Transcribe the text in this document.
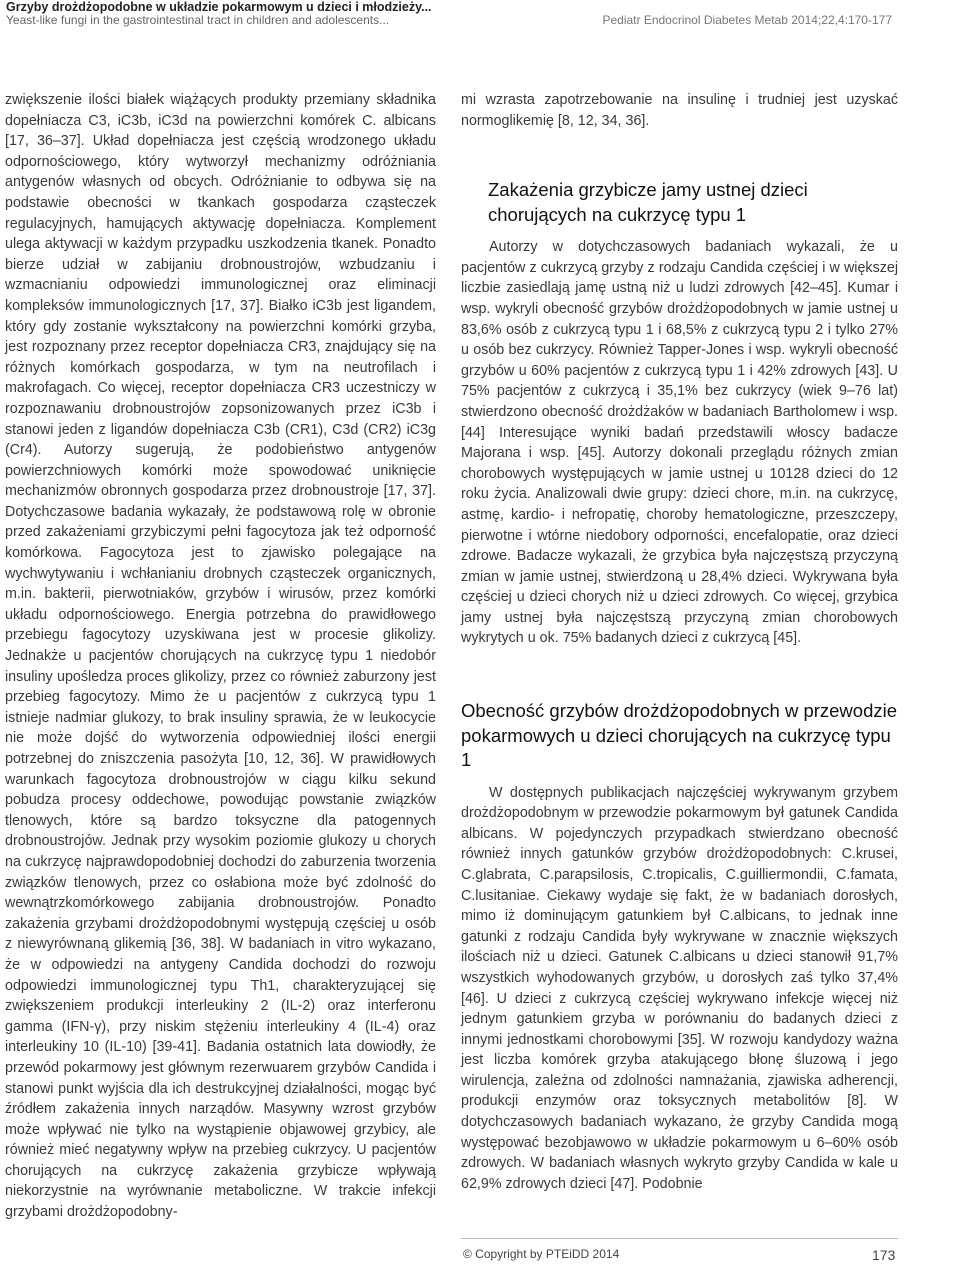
Grzyby drożdżopodobne w układzie pokarmowym u dzieci i młodzieży...
Yeast-like fungi in the gastrointestinal tract in children and adolescents...	Pediatr Endocrinol Diabetes Metab 2014;22,4:170-177

zwiększenie ilości białek wiążących produkty przemiany składnika dopełniacza C3, iC3b, iC3d na powierzchni komórek C. albicans [17, 36–37]. Układ dopełniacza jest częścią wrodzonego układu odpornościowego, który wytworzył mechanizmy odróżniania antygenów własnych od obcych. Odróżnianie to odbywa się na podstawie obecności w tkankach gospodarza cząsteczek regulacyjnych, hamujących aktywację dopełniacza. Komplement ulega aktywacji w każdym przypadku uszkodzenia tkanek. Ponadto bierze udział w zabijaniu drobnoustrojów, wzbudzaniu i wzmacnianiu odpowiedzi immunologicznej oraz eliminacji kompleksów immunologicznych [17, 37]. Białko iC3b jest ligandem, który gdy zostanie wykształcony na powierzchni komórki grzyba, jest rozpoznany przez receptor dopełniacza CR3, znajdujący się na różnych komórkach gospodarza, w tym na neutrofilach i makrofagach. Co więcej, receptor dopełniacza CR3 uczestniczy w rozpoznawaniu drobnoustrojów zopsonizowanych przez iC3b i stanowi jeden z ligandów dopełniacza C3b (CR1), C3d (CR2) iC3g (Cr4). Autorzy sugerują, że podobieństwo antygenów powierzchniowych komórki może spowodować uniknięcie mechanizmów obronnych gospodarza przez drobnoustroje [17, 37]. Dotychczasowe badania wykazały, że podstawową rolę w obronie przed zakażeniami grzybiczymi pełni fagocytoza jak też odporność komórkowa. Fagocytoza jest to zjawisko polegające na wychwytywaniu i wchłanianiu drobnych cząsteczek organicznych, m.in. bakterii, pierwotniaków, grzybów i wirusów, przez komórki układu odpornościowego. Energia potrzebna do prawidłowego przebiegu fagocytozy uzyskiwana jest w procesie glikolizy. Jednakże u pacjentów chorujących na cukrzycę typu 1 niedobór insuliny upośledza proces glikolizy, przez co również zaburzony jest przebieg fagocytozy. Mimo że u pacjentów z cukrzycą typu 1 istnieje nadmiar glukozy, to brak insuliny sprawia, że w leukocycie nie może dojść do wytworzenia odpowiedniej ilości energii potrzebnej do zniszczenia pasożyta [10, 12, 36]. W prawidłowych warunkach fagocytoza drobnoustrojów w ciągu kilku sekund pobudza procesy oddechowe, powodując powstanie związków tlenowych, które są bardzo toksyczne dla patogennych drobnoustrojów. Jednak przy wysokim poziomie glukozy u chorych na cukrzycę najprawdopodobniej dochodzi do zaburzenia tworzenia związków tlenowych, przez co osłabiona może być zdolność do wewnątrzkomórkowego zabijania drobnoustrojów. Ponadto zakażenia grzybami drożdżopodobnymi występują częściej u osób z niewyrównaną glikemią [36, 38]. W badaniach in vitro wykazano, że w odpowiedzi na antygeny Candida dochodzi do rozwoju odpowiedzi immunologicznej typu Th1, charakteryzującej się zwiększeniem produkcji interleukiny 2 (IL-2) oraz interferonu gamma (IFN-γ), przy niskim stężeniu interleukiny 4 (IL-4) oraz interleukiny 10 (IL-10) [39-41]. Badania ostatnich lata dowiodły, że przewód pokarmowy jest głównym rezerwuarem grzybów Candida i stanowi punkt wyjścia dla ich destrukcyjnej działalności, mogąc być źródłem zakażenia innych narządów. Masywny wzrost grzybów może wpływać nie tylko na wystąpienie objawowej grzybicy, ale również mieć negatywny wpływ na przebieg cukrzycy. U pacjentów chorujących na cukrzycę zakażenia grzybicze wpływają niekorzystnie na wyrównanie metaboliczne. W trakcie infekcji grzybami drożdżopodobny-

mi wzrasta zapotrzebowanie na insulinę i trudniej jest uzyskać normoglikemię [8, 12, 34, 36].

Zakażenia grzybicze jamy ustnej dzieci chorujących na cukrzycę typu 1

Autorzy w dotychczasowych badaniach wykazali, że u pacjentów z cukrzycą grzyby z rodzaju Candida częściej i w większej liczbie zasiedlają jamę ustną niż u ludzi zdrowych [42–45]. Kumar i wsp. wykryli obecność grzybów drożdżopodobnych w jamie ustnej u 83,6% osób z cukrzycą typu 1 i 68,5% z cukrzycą typu 2 i tylko 27% u osób bez cukrzycy. Również Tapper-Jones i wsp. wykryli obecność grzybów u 60% pacjentów z cukrzycą typu 1 i 42% zdrowych [43]. U 75% pacjentów z cukrzycą i 35,1% bez cukrzycy (wiek 9–76 lat) stwierdzono obecność drożdżaków w badaniach Bartholomew i wsp. [44] Interesujące wyniki badań przedstawili włoscy badacze Majorana i wsp. [45]. Autorzy dokonali przeglądu różnych zmian chorobowych występujących w jamie ustnej u 10128 dzieci do 12 roku życia. Analizowali dwie grupy: dzieci chore, m.in. na cukrzycę, astmę, kardio- i nefropatię, choroby hematologiczne, przeszczepy, pierwotne i wtórne niedobory odporności, encefalopatie, oraz dzieci zdrowe. Badacze wykazali, że grzybica była najczęstszą przyczyną zmian w jamie ustnej, stwierdzoną u 28,4% dzieci. Wykrywana była częściej u dzieci chorych niż u dzieci zdrowych. Co więcej, grzybica jamy ustnej była najczęstszą przyczyną zmian chorobowych wykrytych u ok. 75% badanych dzieci z cukrzycą [45].

Obecność grzybów drożdżopodobnych w przewodzie pokarmowych u dzieci chorujących na cukrzycę typu 1

W dostępnych publikacjach najczęściej wykrywanym grzybem drożdżopodobnym w przewodzie pokarmowym był gatunek Candida albicans. W pojedynczych przypadkach stwierdzano obecność również innych gatunków grzybów drożdżopodobnych: C.krusei, C.glabrata, C.parapsilosis, C.tropicalis, C.guilliermondii, C.famata, C.lusitaniae. Ciekawy wydaje się fakt, że w badaniach dorosłych, mimo iż dominującym gatunkiem był C.albicans, to jednak inne gatunki z rodzaju Candida były wykrywane w znacznie większych ilościach niż u dzieci. Gatunek C.albicans u dzieci stanowił 91,7% wszystkich wyhodowanych grzybów, u dorosłych zaś tylko 37,4% [46]. U dzieci z cukrzycą częściej wykrywano infekcje więcej niż jednym gatunkiem grzyba w porównaniu do badanych dzieci z innymi jednostkami chorobowymi [35]. W rozwoju kandydozy ważna jest liczba komórek grzyba atakującego błonę śluzową i jego wirulencja, zależna od zdolności namnażania, zjawiska adherencji, produkcji enzymów oraz toksycznych metabolitów [8]. W dotychczasowych badaniach wykazano, że grzyby Candida mogą występować bezobjawowo w układzie pokarmowym u 6–60% osób zdrowych. W badaniach własnych wykryto grzyby Candida w kale u 62,9% zdrowych dzieci [47]. Podobnie

© Copyright by PTEiDD 2014	173
